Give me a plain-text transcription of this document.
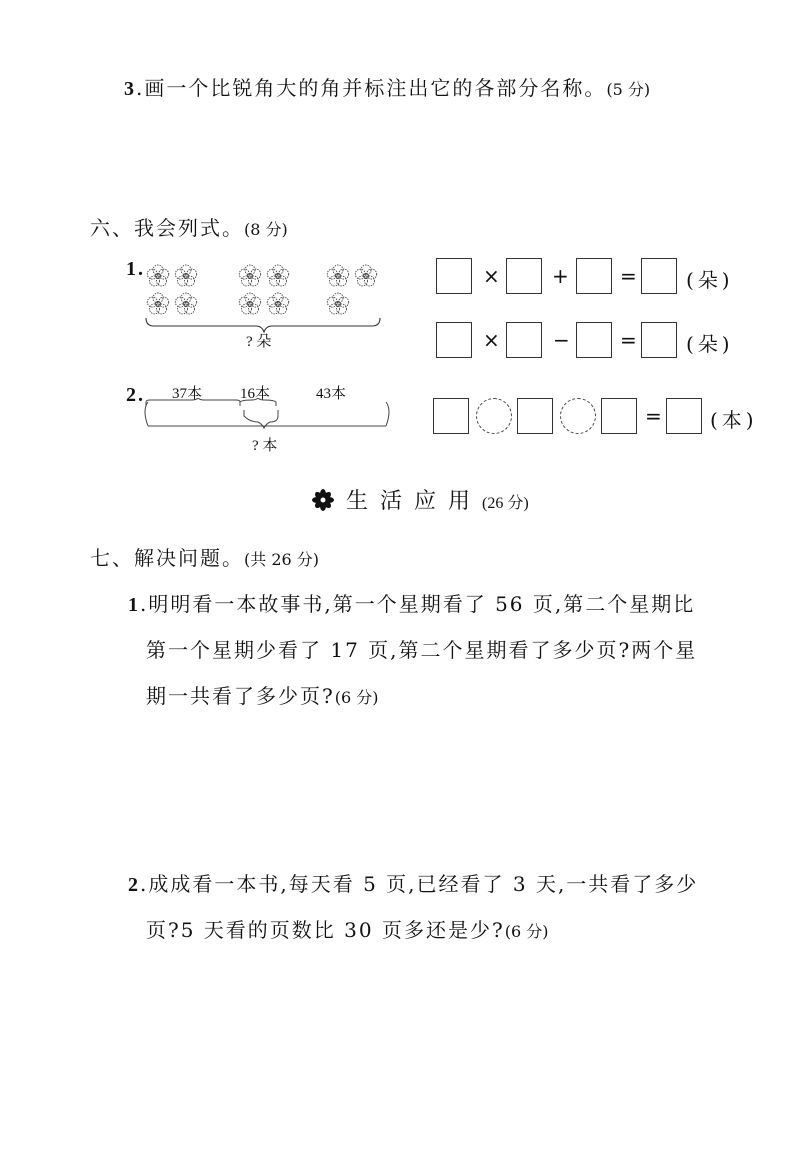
3.画一个比锐角大的角并标注出它的各部分名称。(5 分)
六、我会列式。(8 分)
1.
? 朵
×	+	= (朵)
×	−	= (朵)
2. 37本	16本	43本
? 本
= (本)
生活应用 (26 分)
七、解决问题。(共 26 分)
1.明明看一本故事书,第一个星期看了 56 页,第二个星期比
第一个星期少看了 17 页,第二个星期看了多少页?两个星
期一共看了多少页?(6 分)
2.成成看一本书,每天看 5 页,已经看了 3 天,一共看了多少
页?5 天看的页数比 30 页多还是少?(6 分)
